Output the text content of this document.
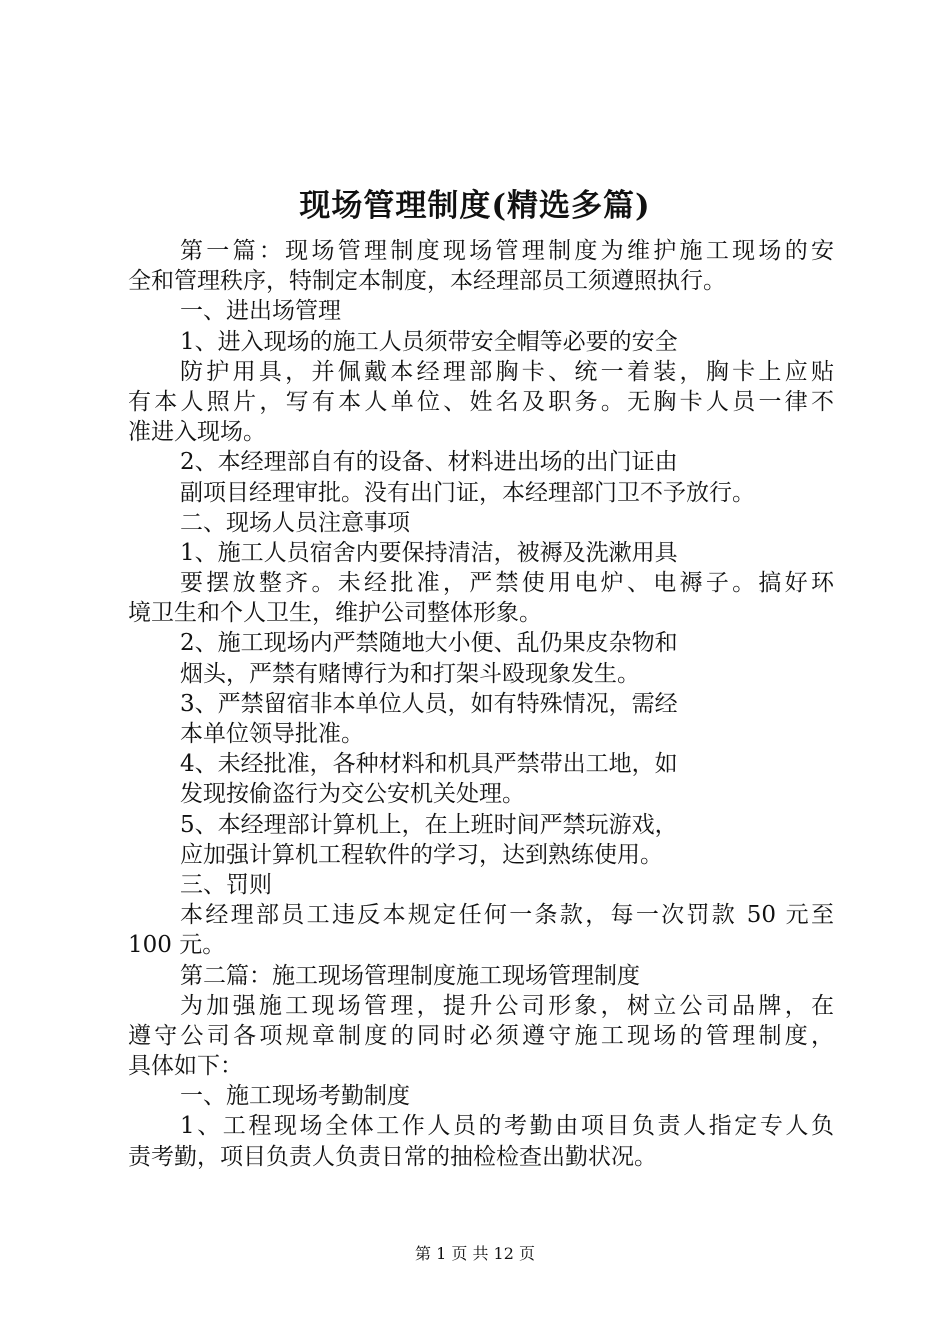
现场管理制度(精选多篇)
第一篇：现场管理制度现场管理制度为维护施工现场的安
全和管理秩序，特制定本制度，本经理部员工须遵照执行。
一、进出场管理
1、进入现场的施工人员须带安全帽等必要的安全
防护用具，并佩戴本经理部胸卡、统一着装，胸卡上应贴
有本人照片，写有本人单位、姓名及职务。无胸卡人员一律不
准进入现场。
2、本经理部自有的设备、材料进出场的出门证由
副项目经理审批。没有出门证，本经理部门卫不予放行。
二、现场人员注意事项
1、施工人员宿舍内要保持清洁，被褥及洗漱用具
要摆放整齐。未经批准，严禁使用电炉、电褥子。搞好环
境卫生和个人卫生，维护公司整体形象。
2、施工现场内严禁随地大小便、乱仍果皮杂物和
烟头，严禁有赌博行为和打架斗殴现象发生。
3、严禁留宿非本单位人员，如有特殊情况，需经
本单位领导批准。
4、未经批准，各种材料和机具严禁带出工地，如
发现按偷盗行为交公安机关处理。
5、本经理部计算机上，在上班时间严禁玩游戏，
应加强计算机工程软件的学习，达到熟练使用。
三、罚则
本经理部员工违反本规定任何一条款，每一次罚款 50 元至
100 元。
第二篇：施工现场管理制度施工现场管理制度
为加强施工现场管理，提升公司形象，树立公司品牌，在
遵守公司各项规章制度的同时必须遵守施工现场的管理制度，
具体如下：
一、施工现场考勤制度
1、工程现场全体工作人员的考勤由项目负责人指定专人负
责考勤，项目负责人负责日常的抽检检查出勤状况。
第 1 页 共 12 页
